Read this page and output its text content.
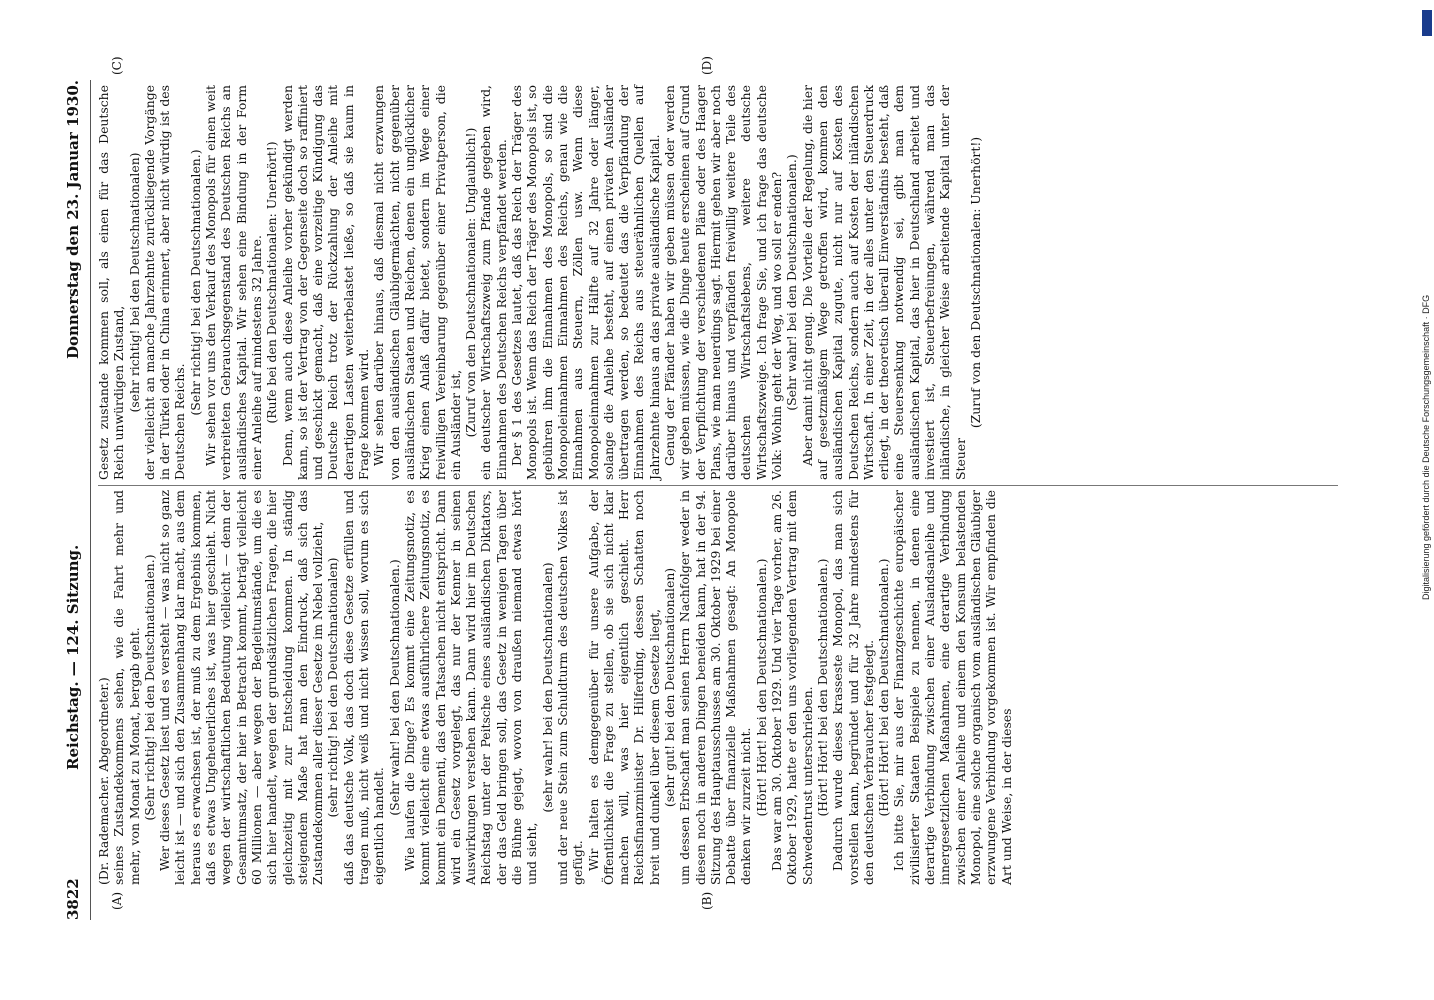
3822
Reichstag. — 124. Sitzung.
Donnerstag den 23. Januar 1930.
(A)	(B)
(C)	(D)

(Dr. Rademacher. Abgeordneter.) seines Zustandekommens sehen, wie die Fahrt mehr und mehr, von Monat zu Monat, bergab geht. (Sehr richtig! bei den Deutschnationalen.) Wer dieses Gesetz liest und es versteht — was nicht so ganz leicht ist — und sich den Zusammenhang klar macht, aus dem heraus es erwachsen ist, der muß zu dem Ergebnis kommen, daß es etwas Ungeheuerliches ist, was hier geschieht. Nicht wegen der wirtschaftlichen Bedeutung vielleicht — denn der Gesamtumsatz, der hier in Betracht kommt, beträgt vielleicht 60 Millionen — aber wegen der Begleitumstände, um die es sich hier handelt, wegen der grundsätzlichen Fragen, die hier gleichzeitig mit zur Entscheidung kommen. In ständig steigendem Maße hat man den Eindruck, daß sich das Zustandekommen aller dieser Gesetze im Nebel vollzieht, (sehr richtig! bei den Deutschnationalen) daß das deutsche Volk, das doch diese Gesetze erfüllen und tragen muß, nicht weiß und nicht wissen soll, worum es sich eigentlich handelt.

(Sehr wahr! bei den Deutschnationalen.) Wie laufen die Dinge? Es kommt eine Zeitungsnotiz, es kommt vielleicht eine etwas ausführlichere Zeitungsnotiz, es kommt ein Dementi, das den Tatsachen nicht entspricht. Dann wird ein Gesetz vorgelegt, das nur der Kenner in seinen Auswirkungen verstehen kann. Dann wird hier im Deutschen Reichstag unter der Peitsche eines ausländischen Diktators, der das Geld bringen soll, das Gesetz in wenigen Tagen über die Bühne gejagt, wovon von draußen niemand etwas hört und sieht,

(sehr wahr! bei den Deutschnationalen) und der neue Stein zum Schuldturm des deutschen Volkes ist gefügt. Wir halten es demgegenüber für unsere Aufgabe, der Öffentlichkeit die Frage zu stellen, ob sie sich nicht klar machen will, was hier eigentlich geschieht. Herr Reichsfinanzminister Dr. Hilferding, dessen Schatten noch breit und dunkel über diesem Gesetze liegt, (sehr gut! bei den Deutschnationalen) um dessen Erbschaft man seinen Herrn Nachfolger weder in diesen noch in anderen Dingen beneiden kann, hat in der 94. Sitzung des Hauptausschusses am 30. Oktober 1929 bei einer Debatte über finanzielle Maßnahmen gesagt: An Monopole denken wir zurzeit nicht. (Hört! Hört! bei den Deutschnationalen.) Das war am 30. Oktober 1929. Und vier Tage vorher, am 26. Oktober 1929, hatte er den uns vorliegenden Vertrag mit dem Schwedentrust unterschrieben. (Hört! Hört! bei den Deutschnationalen.) Dadurch wurde dieses krasseste Monopol, das man sich vorstellen kann, begründet und für 32 Jahre mindestens für den deutschen Verbraucher festgelegt. (Hört! Hört! bei den Deutschnationalen.) Ich bitte Sie, mir aus der Finanzgeschichte europäischer zivilisierter Staaten Beispiele zu nennen, in denen eine derartige Verbindung zwischen einer Auslandsanleihe und innergesetzlichen Maßnahmen, eine derartige Verbindung zwischen einer Anleihe und einem den Konsum belastenden Monopol, eine solche organisch vom ausländischen Gläubiger erzwungene Verbindung vorgekommen ist. Wir empfinden die Art und Weise, in der dieses

Gesetz zustande kommen soll, als einen für das Deutsche Reich unwürdigen Zustand, (sehr richtig! bei den Deutschnationalen) der vielleicht an manche Jahrzehnte zurückliegende Vorgänge in der Türkei oder in China erinnert, aber nicht würdig ist des Deutschen Reichs.

(Sehr richtig! bei den Deutschnationalen.) Wir sehen vor uns den Verkauf des Monopols für einen weit verbreiteten Gebrauchsgegenstand des Deutschen Reichs an ausländisches Kapital. Wir sehen eine Bindung in der Form einer Anleihe auf mindestens 32 Jahre. (Rufe bei den Deutschnationalen: Unerhört!) Denn, wenn auch diese Anleihe vorher gekündigt werden kann, so ist der Vertrag von der Gegenseite doch so raffiniert und geschickt gemacht, daß eine vorzeitige Kündigung das Deutsche Reich trotz der Rückzahlung der Anleihe mit derartigen Lasten weiterbelastet ließe, so daß sie kaum in Frage kommen wird. Wir sehen darüber hinaus, daß diesmal nicht erzwungen von den ausländischen Gläubigermächten, nicht gegenüber ausländischen Staaten und Reichen, denen ein unglücklicher Krieg einen Anlaß dafür bietet, sondern im Wege einer freiwilligen Vereinbarung gegenüber einer Privatperson, die ein Ausländer ist, (Zuruf von den Deutschnationalen: Unglaublich!) ein deutscher Wirtschaftszweig zum Pfande gegeben wird, Einnahmen des Deutschen Reichs verpfändet werden. Der § 1 des Gesetzes lautet, daß das Reich der Träger des Monopols ist. Wenn das Reich der Träger des Monopols ist, so gebühren ihm die Einnahmen des Monopols, so sind die Monopoleinnahmen Einnahmen des Reichs, genau wie die Einnahmen aus Steuern, Zöllen usw. Wenn diese Monopoleinnahmen zur Hälfte auf 32 Jahre oder länger, solange die Anleihe besteht, auf einen privaten Ausländer übertragen werden, so bedeutet das die Verpfändung der Einnahmen des Reichs aus steuerähnlichen Quellen auf Jahrzehnte hinaus an das private ausländische Kapital. Genug der Pfänder haben wir geben müssen oder werden wir geben müssen, wie die Dinge heute erscheinen auf Grund der Verpflichtung der verschiedenen Pläne oder des Haager Plans, wie man neuerdings sagt. Hiermit gehen wir aber noch darüber hinaus und verpfänden freiwillig weitere Teile des deutschen Wirtschaftslebens, weitere deutsche Wirtschaftszweige. Ich frage Sie, und ich frage das deutsche Volk: Wohin geht der Weg, und wo soll er enden? (Sehr wahr! bei den Deutschnationalen.) Aber damit nicht genug. Die Vorteile der Regelung, die hier auf gesetzmäßigem Wege getroffen wird, kommen den ausländischen Kapital zugute, nicht nur auf Kosten des Deutschen Reichs, sondern auch auf Kosten der inländischen Wirtschaft. In einer Zeit, in der alles unter den Steuerdruck erliegt, in der theoretisch überall Einverständnis besteht, daß eine Steuersenkung notwendig sei, gibt man dem ausländischen Kapital, das hier in Deutschland arbeitet und investiert ist, Steuerbefreiungen, während man das inländische, in gleicher Weise arbeitende Kapital unter der Steuer

(Zuruf von den Deutschnationalen: Unerhört!)

Digitalisierung gefördert durch die Deutsche Forschungsgemeinschaft · DFG
